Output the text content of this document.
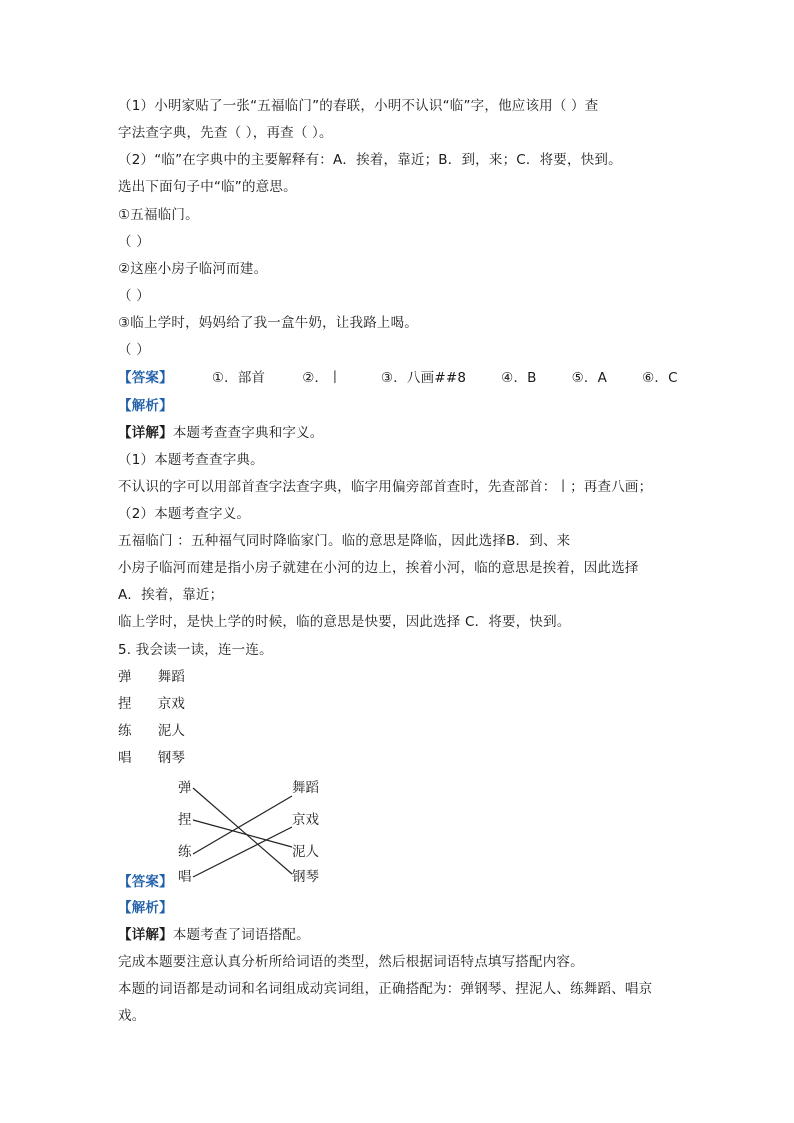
（1）小明家贴了一张“五福临门”的春联，小明不认识“临”字，他应该用（ ）查
字法查字典，先查（ ），再查（ ）。
（2）“临”在字典中的主要解释有：A．挨着，靠近；B．到，来；C．将要，快到。
选出下面句子中“临”的意思。
①五福临门。
（ ）
②这座小房子临河而建。
（ ）
③临上学时，妈妈给了我一盒牛奶，让我路上喝。
（ ）
【答案】	①．部首	②．丨	③．八画##8	④．B	⑤．A	⑥．C
【解析】
【详解】本题考查查字典和字义。
（1）本题考查查字典。
不认识的字可以用部首查字法查字典，临字用偏旁部首查时，先查部首：丨；再查八画；
（2）本题考查字义。
五福临门 ：五种福气同时降临家门。临的意思是降临，因此选择B．到、来
小房子临河而建是指小房子就建在小河的边上，挨着小河，临的意思是挨着，因此选择
A．挨着，靠近；
临上学时，是快上学的时候，临的意思是快要，因此选择 C．将要，快到。
5. 我会读一读，连一连。
弹 舞蹈
捏 京戏
练 泥人
唱 钢琴
弹
捏
练
唱
舞蹈
京戏
泥人
钢琴
【答案】
【解析】
【详解】本题考查了词语搭配。
完成本题要注意认真分析所给词语的类型，然后根据词语特点填写搭配内容。
本题的词语都是动词和名词组成动宾词组，正确搭配为：弹钢琴、捏泥人、练舞蹈、唱京
戏。
